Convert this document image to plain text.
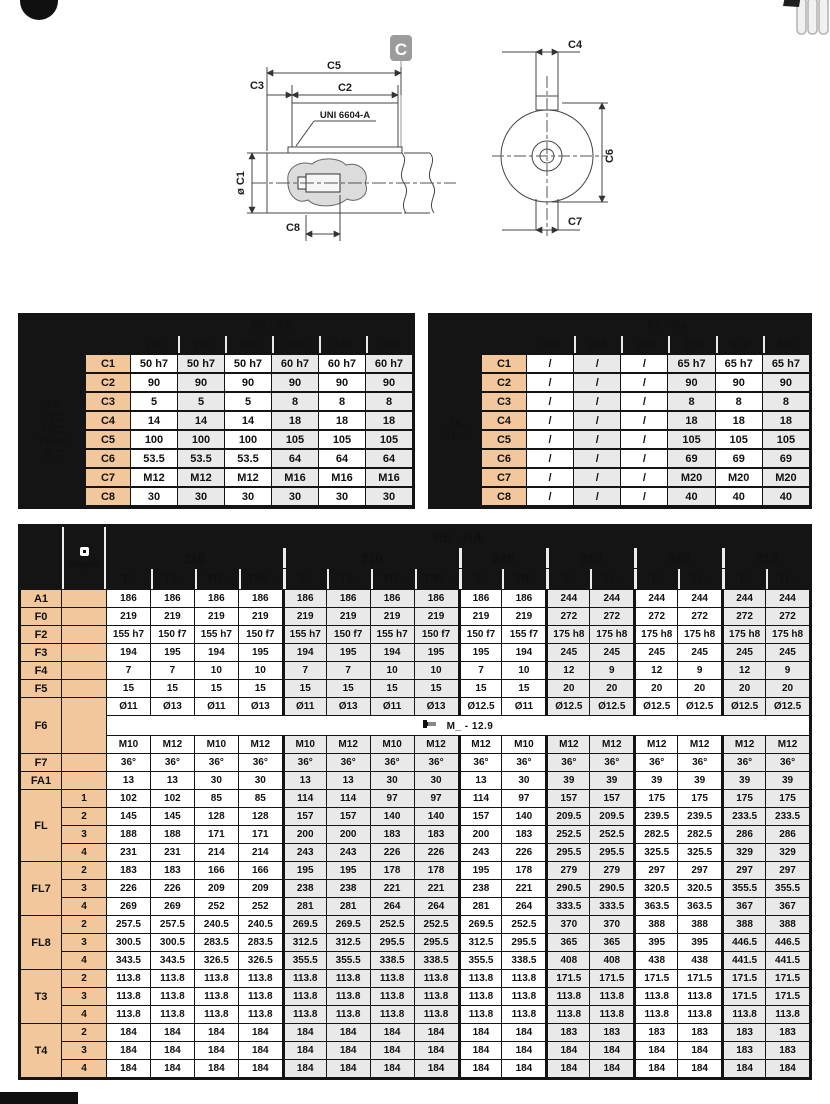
C
C5
C2
C3
UNI 6604-A
ø C1
C8
C4
C6
C7
		RE - RA					
		110	210	240	310	510	610

TC
T1C
TRC
TR1C
TLC	C1	50 h7	50 h7	50 h7	60 h7	60 h7	60 h7
	C2	90	90	90	90	90	90
	C3	5	5	5	8	8	8
	C4	14	14	14	18	18	18
	C5	100	100	100	105	105	105
	C6	53.5	53.5	53.5	64	64	64
	C7	M12	M12	M12	M16	M16	M16
	C8	30	30	30	30	30	30
		RE - RA					
		110	210	240	310	510	610

TK
TLK	C1	/	/	/	65 h7	65 h7	65 h7
	C2	/	/	/	90	90	90
	C3	/	/	/	8	8	8
	C4	/	/	/	18	18	18
	C5	/	/	/	105	105	105
	C6	/	/	/	69	69	69
	C7	/	/	/	M20	M20	M20
	C8	/	/	/	40	40	40

	stages	RE - RA															
		110				210				240		310		510		610	
		T_	T1_	TR_	TR1_	T_	T1_	TR_	TR1_	T_	TR_	T_	TL_	T_	TL_	T_	TL_
A1		186	186	186	186	186	186	186	186	186	186	244	244	244	244	244	244
F0		219	219	219	219	219	219	219	219	219	219	272	272	272	272	272	272
F2		155 h7	150 f7	155 h7	150 f7	155 h7	150 f7	155 h7	150 f7	150 f7	155 f7	175 h8	175 h8	175 h8	175 h8	175 h8	175 h8
F3		194	195	194	195	194	195	194	195	195	194	245	245	245	245	245	245
F4		7	7	10	10	7	7	10	10	7	10	12	9	12	9	12	9
F5		15	15	15	15	15	15	15	15	15	15	20	20	20	20	20	20
F6		Ø11	Ø13	Ø11	Ø13	Ø11	Ø13	Ø11	Ø13	Ø12.5	Ø11	Ø12.5	Ø12.5	Ø12.5	Ø12.5	Ø12.5	Ø12.5
		M_ - 12.9															
		M10	M12	M10	M12	M10	M12	M10	M12	M12	M10	M12	M12	M12	M12	M12	M12
F7		36°	36°	36°	36°	36°	36°	36°	36°	36°	36°	36°	36°	36°	36°	36°	36°
FA1		13	13	30	30	13	13	30	30	13	30	39	39	39	39	39	39
FL	1	102	102	85	85	114	114	97	97	114	97	157	157	175	175	175	175
	2	145	145	128	128	157	157	140	140	157	140	209.5	209.5	239.5	239.5	233.5	233.5
	3	188	188	171	171	200	200	183	183	200	183	252.5	252.5	282.5	282.5	286	286
	4	231	231	214	214	243	243	226	226	243	226	295.5	295.5	325.5	325.5	329	329
FL7	2	183	183	166	166	195	195	178	178	195	178	279	279	297	297	297	297
	3	226	226	209	209	238	238	221	221	238	221	290.5	290.5	320.5	320.5	355.5	355.5
	4	269	269	252	252	281	281	264	264	281	264	333.5	333.5	363.5	363.5	367	367
FL8	2	257.5	257.5	240.5	240.5	269.5	269.5	252.5	252.5	269.5	252.5	370	370	388	388	388	388
	3	300.5	300.5	283.5	283.5	312.5	312.5	295.5	295.5	312.5	295.5	365	365	395	395	446.5	446.5
	4	343.5	343.5	326.5	326.5	355.5	355.5	338.5	338.5	355.5	338.5	408	408	438	438	441.5	441.5
T3	2	113.8	113.8	113.8	113.8	113.8	113.8	113.8	113.8	113.8	113.8	171.5	171.5	171.5	171.5	171.5	171.5
	3	113.8	113.8	113.8	113.8	113.8	113.8	113.8	113.8	113.8	113.8	113.8	113.8	113.8	113.8	171.5	171.5
	4	113.8	113.8	113.8	113.8	113.8	113.8	113.8	113.8	113.8	113.8	113.8	113.8	113.8	113.8	113.8	113.8
T4	2	184	184	184	184	184	184	184	184	184	184	183	183	183	183	183	183
	3	184	184	184	184	184	184	184	184	184	184	184	184	184	184	183	183
	4	184	184	184	184	184	184	184	184	184	184	184	184	184	184	184	184
